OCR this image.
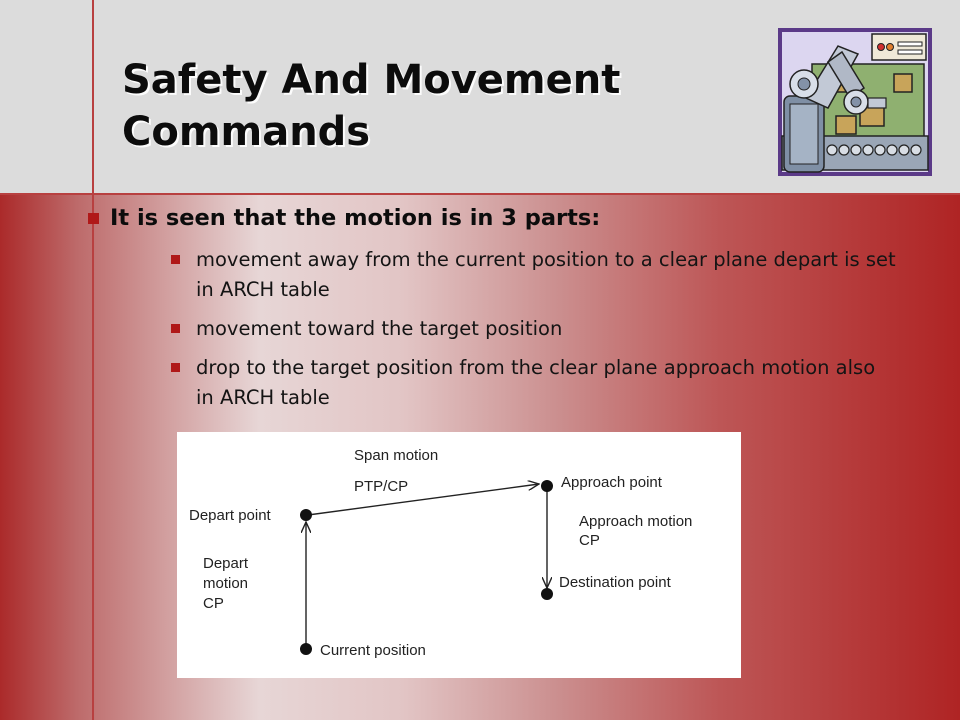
Safety And Movement Commands

It is seen that the motion is in 3 parts:

movement away from the current position to a clear plane depart is set in ARCH table

movement toward the target position

drop to the target position from the clear plane approach motion also in ARCH table

Span motion
PTP/CP	Approach point
Depart point	Approach motion
CP
Depart
motion
CP
Destination point
Current position
